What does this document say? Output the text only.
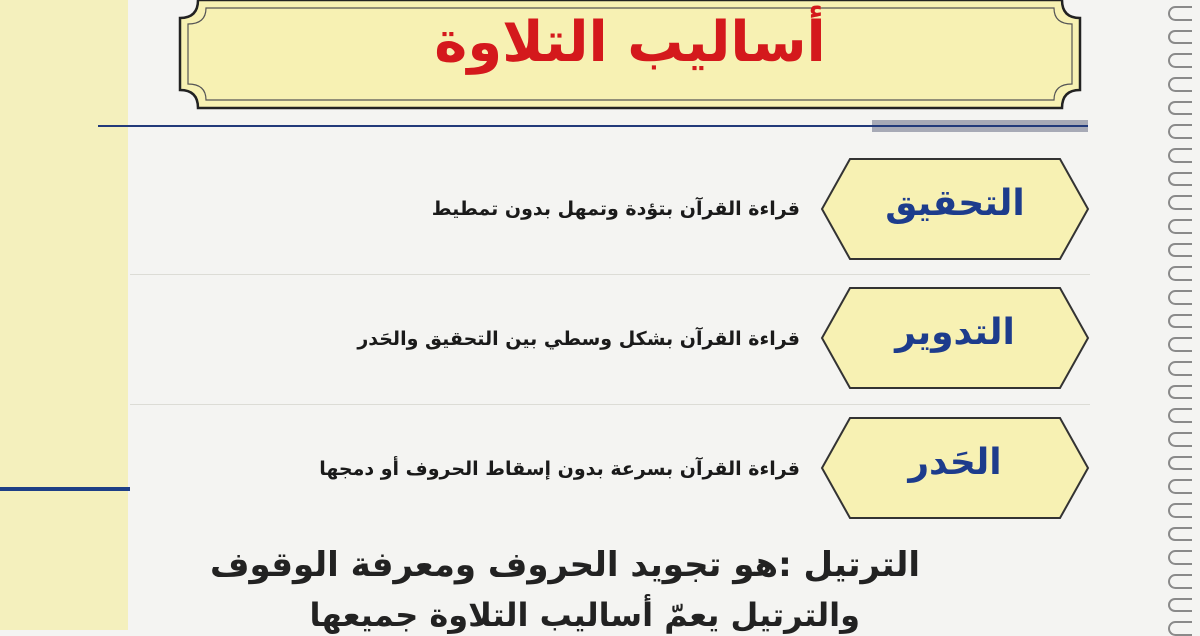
أساليب التلاوة
التحقيق
قراءة القرآن بتؤدة وتمهل بدون تمطيط
التدوير
قراءة القرآن بشكل وسطي بين التحقيق والحَدر
الحَدر
قراءة القرآن بسرعة بدون إسقاط الحروف أو دمجها
الترتيل :هو تجويد الحروف ومعرفة الوقوف
والترتيل يعمّ أساليب التلاوة جميعها
